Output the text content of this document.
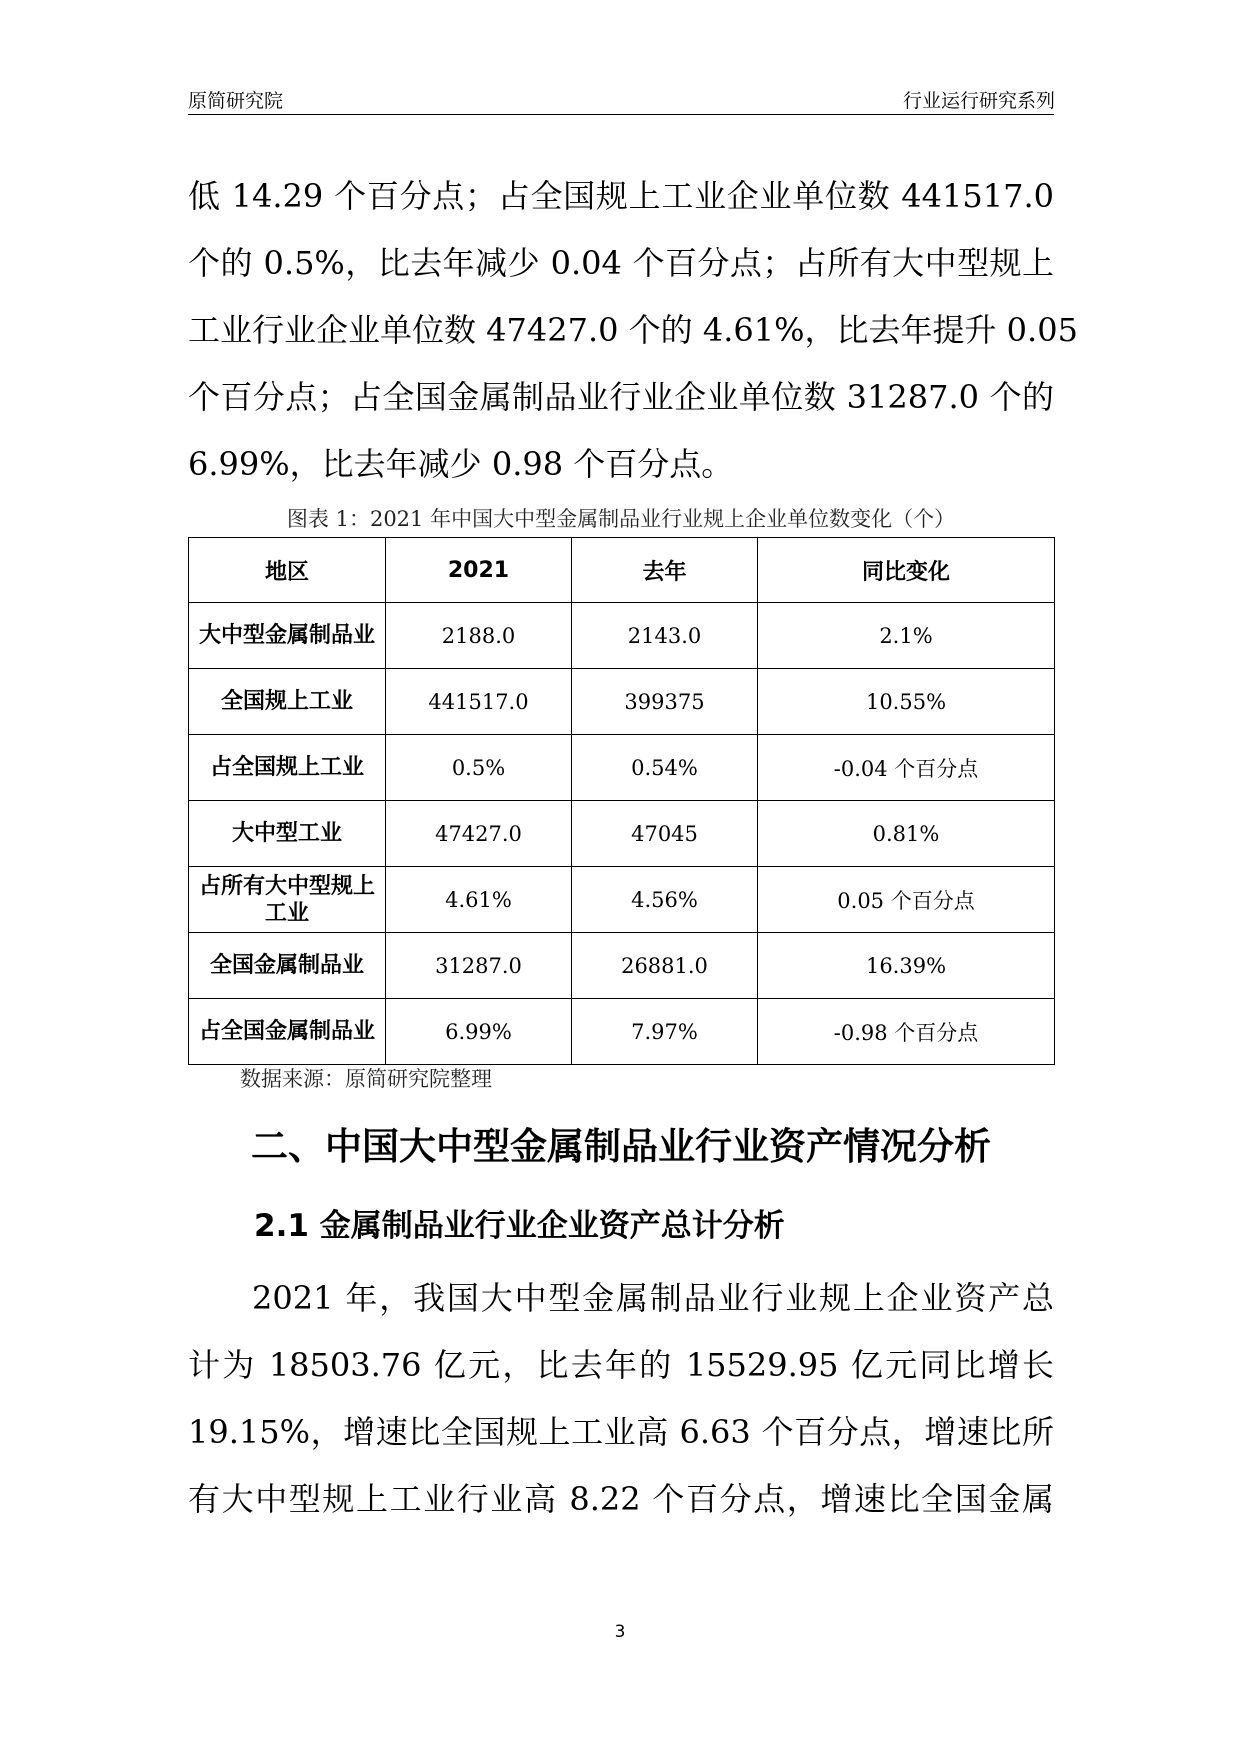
原简研究院	行业运行研究系列
低 14.29 个百分点；占全国规上工业企业单位数 441517.0
个的 0.5%，比去年减少 0.04 个百分点；占所有大中型规上
工业行业企业单位数 47427.0 个的 4.61%，比去年提升 0.05
个百分点；占全国金属制品业行业企业单位数 31287.0 个的
6.99%，比去年减少 0.98 个百分点。
图表 1：2021 年中国大中型金属制品业行业规上企业单位数变化（个）
地区	2021	去年	同比变化
大中型金属制品业	2188.0	2143.0	2.1%
全国规上工业	441517.0	399375	10.55%
占全国规上工业	0.5%	0.54%	-0.04 个百分点
大中型工业	47427.0	47045	0.81%
占所有大中型规上工业	4.61%	4.56%	0.05 个百分点
全国金属制品业	31287.0	26881.0	16.39%
占全国金属制品业	6.99%	7.97%	-0.98 个百分点
数据来源：原简研究院整理
二、中国大中型金属制品业行业资产情况分析
2.1 金属制品业行业企业资产总计分析
2021 年，我国大中型金属制品业行业规上企业资产总
计为 18503.76 亿元，比去年的 15529.95 亿元同比增长
19.15%，增速比全国规上工业高 6.63 个百分点，增速比所
有大中型规上工业行业高 8.22 个百分点，增速比全国金属
3
